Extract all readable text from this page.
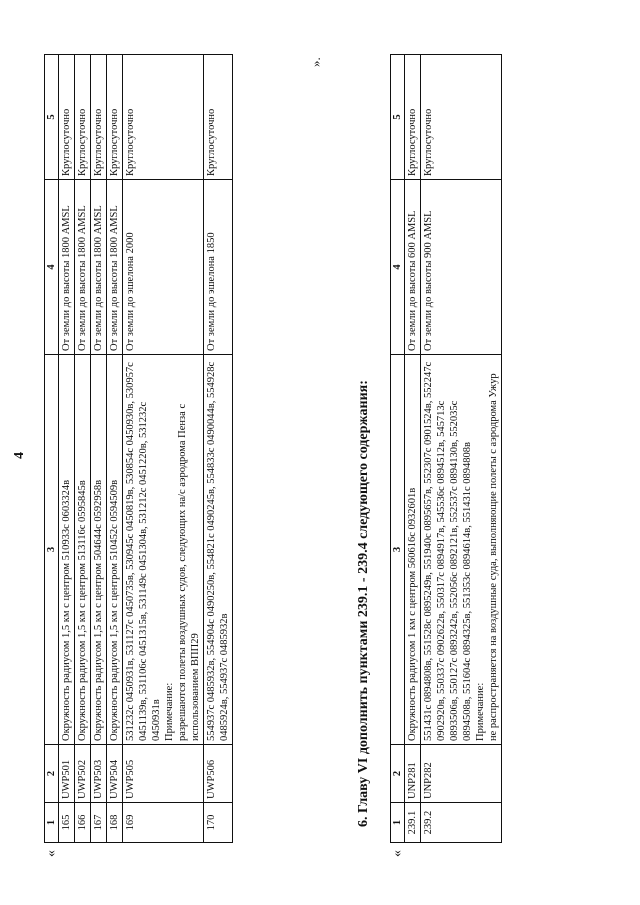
4
«
1	2	3	4	5
165	UWP501	Окружность радиусом 1,5 км с центром 510933с 0603324в	От земли до высоты 1800 AMSL	Круглосуточно
166	UWP502	Окружность радиусом 1,5 км с центром 513116с 0595845в	От земли до высоты 1800 AMSL	Круглосуточно
167	UWP503	Окружность радиусом 1,5 км с центром 504644с 0592958в	От земли до высоты 1800 AMSL	Круглосуточно
168	UWP504	Окружность радиусом 1,5 км с центром 510452с 0594509в	От земли до высоты 1800 AMSL	Круглосуточно
169	UWP505	531232с 0450931в, 531127с 0450735в, 530945с 0450819в, 530854с 0450930в, 530957с 0451139в, 531106с 0451315в, 531149с 0451304в, 531212с 0451220в, 531232с 0450931в Примечание: разрешаются полеты воздушных судов, следующих на/с аэродрома Пенза с использованием ВПП29	От земли до эшелона 2000	Круглосуточно
170	UWP506	554937с 0485932в, 554904с 0490250в, 554821с 0490245в, 554833с 0490044в, 554928с 0485924в, 554937с 0485932в	От земли до эшелона 1850	Круглосуточно
».
6. Главу VI дополнить пунктами 239.1 - 239.4 следующего содержания:
«
1	2	3	4	5
239.1	UNP281	Окружность радиусом 1 км с центром 560616с 0932601в	От земли до высоты 600 AMSL	Круглосуточно
239.2	UNP282	551431с 0894808в, 551528с 0895249в, 551940с 0895657в, 552307с 0901524в, 552247с 0902920в, 550337с 0902622в, 550317с 0894917в, 545536с 0894512в, 545713с 0893506в, 550127с 0893242в, 552056с 0892121в, 552537с 0894130в, 552035с 0894508в, 551604с 0894325в, 551353с 0894614в, 551431с 0894808в Примечание: не распространяется на воздушные суда, выполняющие полеты с аэродрома Ужур	От земли до высоты 900 AMSL	Круглосуточно
